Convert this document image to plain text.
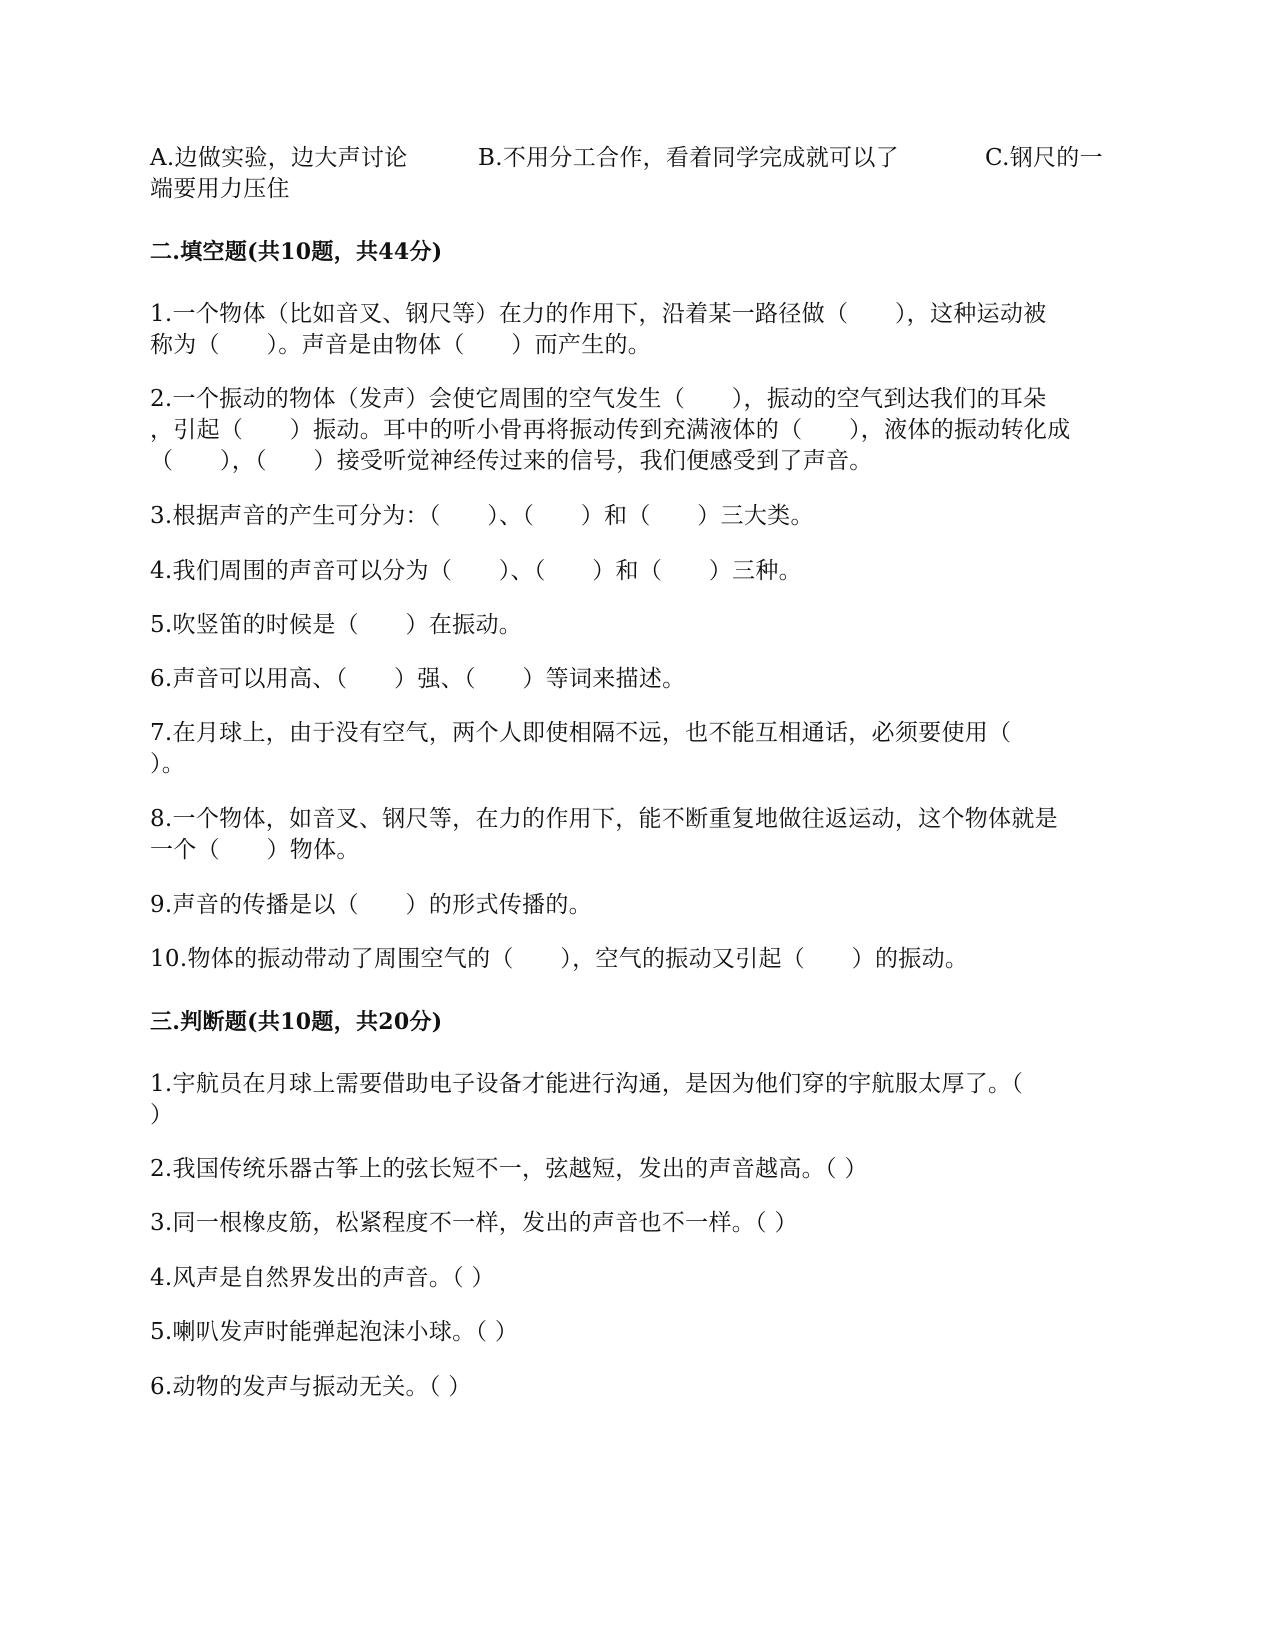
A.边做实验，边大声讨论	B.不用分工合作，看着同学完成就可以了	C.钢尺的一
端要用力压住
二.填空题(共10题，共44分)
1.一个物体（比如音叉、钢尺等）在力的作用下，沿着某一路径做（　　），这种运动被
称为（　　）。声音是由物体（　　）而产生的。
2.一个振动的物体（发声）会使它周围的空气发生（　　），振动的空气到达我们的耳朵
，引起（　　）振动。耳中的听小骨再将振动传到充满液体的（　　），液体的振动转化成
（　　），（　　）接受听觉神经传过来的信号，我们便感受到了声音。
3.根据声音的产生可分为：（　　）、（　　）和（　　）三大类。
4.我们周围的声音可以分为（　　）、（　　）和（　　）三种。
5.吹竖笛的时候是（　　）在振动。
6.声音可以用高、（　　）强、（　　）等词来描述。
7.在月球上，由于没有空气，两个人即使相隔不远，也不能互相通话，必须要使用（
）。
8.一个物体，如音叉、钢尺等，在力的作用下，能不断重复地做往返运动，这个物体就是
一个（　　）物体。
9.声音的传播是以（　　）的形式传播的。
10.物体的振动带动了周围空气的（　　），空气的振动又引起（　　）的振动。
三.判断题(共10题，共20分)
1.宇航员在月球上需要借助电子设备才能进行沟通，是因为他们穿的宇航服太厚了。（
）
2.我国传统乐器古筝上的弦长短不一，弦越短，发出的声音越高。（ ）
3.同一根橡皮筋，松紧程度不一样，发出的声音也不一样。（ ）
4.风声是自然界发出的声音。（ ）
5.喇叭发声时能弹起泡沫小球。（ ）
6.动物的发声与振动无关。（ ）
